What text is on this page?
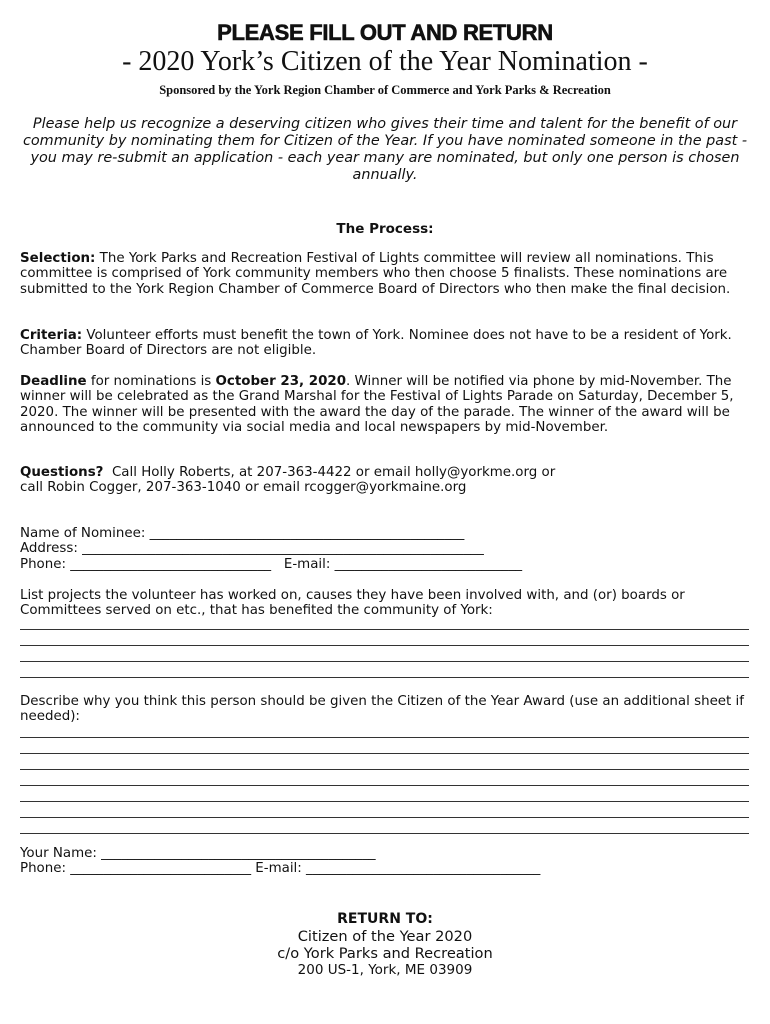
PLEASE FILL OUT AND RETURN
- 2020 York’s Citizen of the Year Nomination -
Sponsored by the York Region Chamber of Commerce and York Parks & Recreation
Please help us recognize a deserving citizen who gives their time and talent for the benefit of our community by nominating them for Citizen of the Year. If you have nominated someone in the past - you may re-submit an application - each year many are nominated, but only one person is chosen annually.
The Process:
Selection: The York Parks and Recreation Festival of Lights committee will review all nominations. This committee is comprised of York community members who then choose 5 finalists. These nominations are submitted to the York Region Chamber of Commerce Board of Directors who then make the final decision.
Criteria: Volunteer efforts must benefit the town of York. Nominee does not have to be a resident of York. Chamber Board of Directors are not eligible.
Deadline for nominations is October 23, 2020. Winner will be notified via phone by mid-November. The winner will be celebrated as the Grand Marshal for the Festival of Lights Parade on Saturday, December 5, 2020. The winner will be presented with the award the day of the parade. The winner of the award will be announced to the community via social media and local newspapers by mid-November.
Questions?  Call Holly Roberts, at 207-363-4422 or email holly@yorkme.org or
call Robin Cogger, 207-363-1040 or email rcogger@yorkmaine.org
Name of Nominee: _______________________________________________
Address: ____________________________________________________________
Phone: ______________________________   E-mail: ____________________________
List projects the volunteer has worked on, causes they have been involved with, and (or) boards or Committees served on etc., that has benefited the community of York:
Describe why you think this person should be given the Citizen of the Year Award (use an additional sheet if needed):
Your Name: _________________________________________
Phone: ___________________________ E-mail: ___________________________________
RETURN TO:
Citizen of the Year 2020
c/o York Parks and Recreation
200 US-1, York, ME 03909
